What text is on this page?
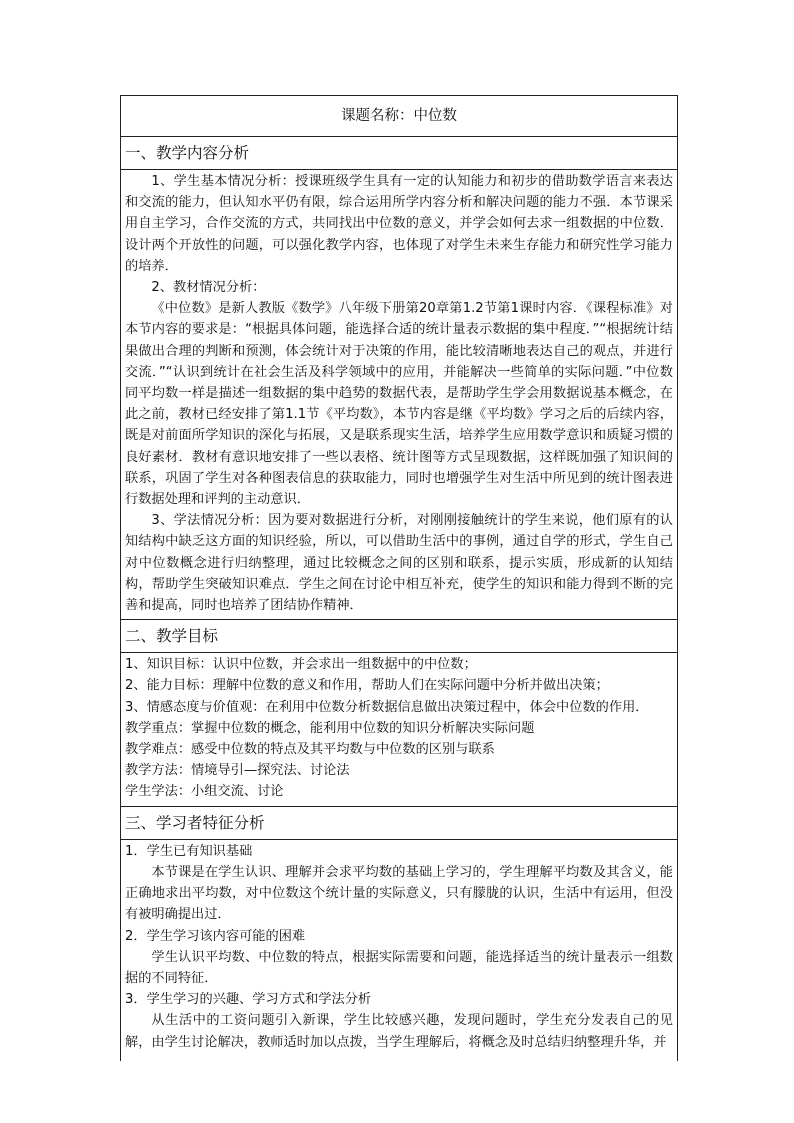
课题名称：中位数
一、教学内容分析

1、学生基本情况分析：授课班级学生具有一定的认知能力和初步的借助数学语言来表达和交流的能力，但认知水平仍有限，综合运用所学内容分析和解决问题的能力不强．本节课采用自主学习，合作交流的方式，共同找出中位数的意义，并学会如何去求一组数据的中位数．设计两个开放性的问题，可以强化教学内容，也体现了对学生未来生存能力和研究性学习能力的培养．

2、教材情况分析：

《中位数》是新人教版《数学》八年级下册第20章第1.2节第1课时内容．《课程标准》对本节内容的要求是：“根据具体问题，能选择合适的统计量表示数据的集中程度．”“根据统计结果做出合理的判断和预测，体会统计对于决策的作用，能比较清晰地表达自己的观点，并进行交流．”“认识到统计在社会生活及科学领域中的应用，并能解决一些简单的实际问题．”中位数同平均数一样是描述一组数据的集中趋势的数据代表，是帮助学生学会用数据说基本概念，在此之前，教材已经安排了第1.1节《平均数》，本节内容是继《平均数》学习之后的后续内容，既是对前面所学知识的深化与拓展，又是联系现实生活，培养学生应用数学意识和质疑习惯的良好素材．教材有意识地安排了一些以表格、统计图等方式呈现数据，这样既加强了知识间的联系，巩固了学生对各种图表信息的获取能力，同时也增强学生对生活中所见到的统计图表进行数据处理和评判的主动意识．

3、学法情况分析：因为要对数据进行分析，对刚刚接触统计的学生来说，他们原有的认知结构中缺乏这方面的知识经验，所以，可以借助生活中的事例，通过自学的形式，学生自己对中位数概念进行归纳整理，通过比较概念之间的区别和联系，提示实质，形成新的认知结构，帮助学生突破知识难点．学生之间在讨论中相互补充，使学生的知识和能力得到不断的完善和提高，同时也培养了团结协作精神．

二、教学目标

1、知识目标：认识中位数，并会求出一组数据中的中位数；

2、能力目标：理解中位数的意义和作用，帮助人们在实际问题中分析并做出决策；

3、情感态度与价值观：在利用中位数分析数据信息做出决策过程中，体会中位数的作用．

教学重点：掌握中位数的概念，能利用中位数的知识分析解决实际问题

教学难点：感受中位数的特点及其平均数与中位数的区别与联系

教学方法：情境导引—探究法、讨论法

学生学法：小组交流、讨论

三、学习者特征分析

1．学生已有知识基础

本节课是在学生认识、理解并会求平均数的基础上学习的，学生理解平均数及其含义，能正确地求出平均数，对中位数这个统计量的实际意义，只有朦胧的认识，生活中有运用，但没有被明确提出过．

2．学生学习该内容可能的困难

学生认识平均数、中位数的特点，根据实际需要和问题，能选择适当的统计量表示一组数据的不同特征．

3．学生学习的兴趣、学习方式和学法分析

从生活中的工资问题引入新课，学生比较感兴趣，发现问题时，学生充分发表自己的见解，由学生讨论解决，教师适时加以点拨，当学生理解后，将概念及时总结归纳整理升华，并
